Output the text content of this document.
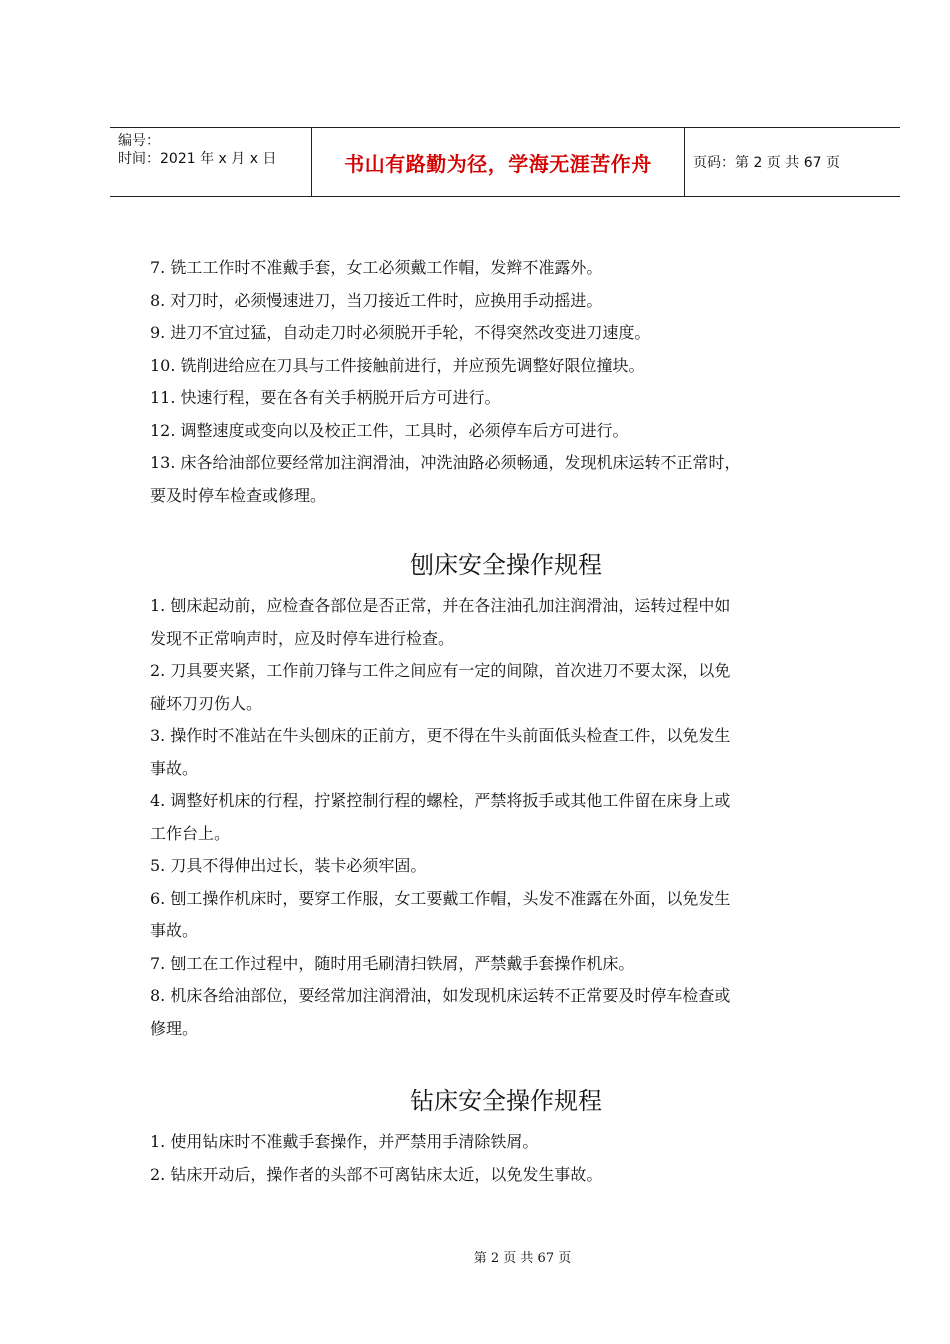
编号：
时间：2021 年 x 月 x 日	书山有路勤为径，学海无涯苦作舟	页码：第 2 页 共 67 页

7. 铣工工作时不准戴手套，女工必须戴工作帽，发辫不准露外。

8. 对刀时，必须慢速进刀，当刀接近工件时，应换用手动摇进。

9. 进刀不宜过猛，自动走刀时必须脱开手轮，不得突然改变进刀速度。

10. 铣削进给应在刀具与工件接触前进行，并应预先调整好限位撞块。

11. 快速行程，要在各有关手柄脱开后方可进行。

12. 调整速度或变向以及校正工件，工具时，必须停车后方可进行。

13. 床各给油部位要经常加注润滑油，冲洗油路必须畅通，发现机床运转不正常时，

要及时停车检查或修理。

刨床安全操作规程

1. 刨床起动前，应检查各部位是否正常，并在各注油孔加注润滑油，运转过程中如

发现不正常响声时，应及时停车进行检查。

2. 刀具要夹紧，工作前刀锋与工件之间应有一定的间隙，首次进刀不要太深，以免

碰坏刀刃伤人。

3. 操作时不准站在牛头刨床的正前方，更不得在牛头前面低头检查工件，以免发生

事故。

4. 调整好机床的行程，拧紧控制行程的螺栓，严禁将扳手或其他工件留在床身上或

工作台上。

5. 刀具不得伸出过长，装卡必须牢固。

6. 刨工操作机床时，要穿工作服，女工要戴工作帽，头发不准露在外面，以免发生

事故。

7. 刨工在工作过程中，随时用毛刷清扫铁屑，严禁戴手套操作机床。

8. 机床各给油部位，要经常加注润滑油，如发现机床运转不正常要及时停车检查或

修理。

钻床安全操作规程

1. 使用钻床时不准戴手套操作，并严禁用手清除铁屑。

2. 钻床开动后，操作者的头部不可离钻床太近，以免发生事故。

第 2 页 共 67 页
